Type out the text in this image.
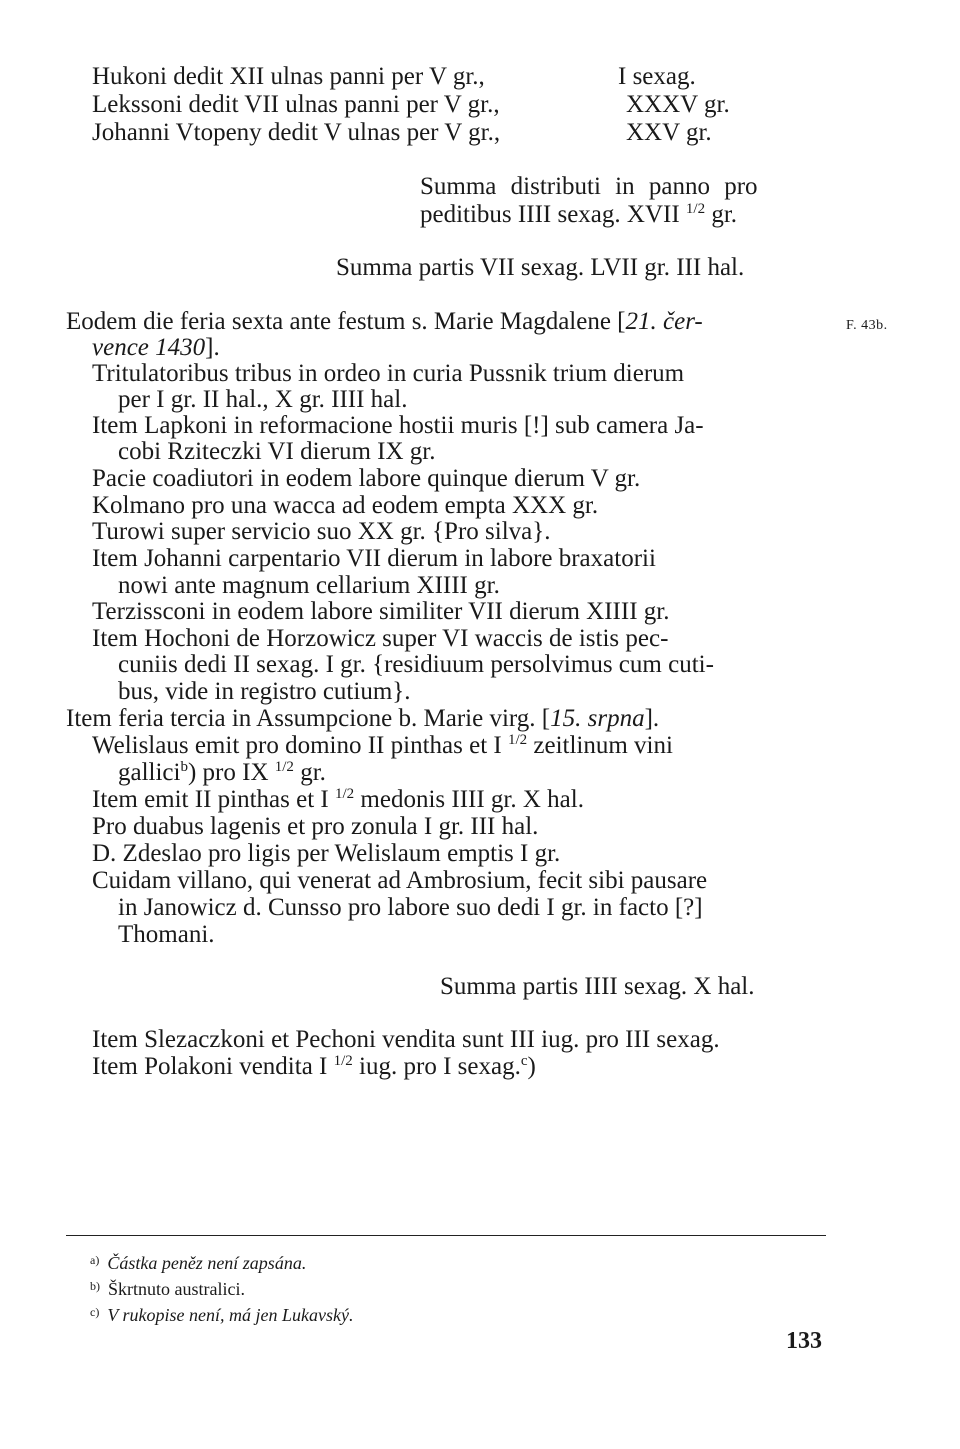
Hukoni dedit XII ulnas panni per V gr.,	I sexag.
Lekssoni dedit VII ulnas panni per V gr.,	XXXV gr.
Johanni Vtopeny dedit V ulnas per V gr.,	XXV gr.
Summa distributi in panno pro
peditibus IIII sexag. XVII $^{1/2}$ gr.
Summa partis VII sexag. LVII gr. III hal.
Eodem die feria sexta ante festum s. Marie Magdalene [21. čer-
vence 1430].
F. 43b.
Tritulatoribus tribus in ordeo in curia Pussnik trium dierum
per I gr. II hal., X gr. IIII hal.
Item Lapkoni in reformacione hostii muris [!] sub camera Ja-
cobi Rziteczki VI dierum IX gr.
Pacie coadiutori in eodem labore quinque dierum V gr.
Kolmano pro una wacca ad eodem empta XXX gr.
Turowi super servicio suo XX gr. {Pro silva}.
Item Johanni carpentario VII dierum in labore braxatorii
nowi ante magnum cellarium XIIII gr.
Terzissconi in eodem labore similiter VII dierum XIIII gr.
Item Hochoni de Horzowicz super VI waccis de istis pec-
cuniis dedi II sexag. I gr. {residiuum persolvimus cum cuti-
bus, vide in registro cutium}.
Item feria tercia in Assumpcione b. Marie virg. [15. srpna].
Welislaus emit pro domino II pinthas et I $^{1/2}$ zeitlinum vini
gallici$^b$) pro IX $^{1/2}$ gr.
Item emit II pinthas et I $^{1/2}$ medonis IIII gr. X hal.
Pro duabus lagenis et pro zonula I gr. III hal.
D. Zdeslao pro ligis per Welislaum emptis I gr.
Cuidam villano, qui venerat ad Ambrosium, fecit sibi pausare
in Janowicz d. Cunsso pro labore suo dedi I gr. in facto [?]
Thomani.
Summa partis IIII sexag. X hal.
Item Slezaczkoni et Pechoni vendita sunt III iug. pro III sexag.
Item Polakoni vendita I $^{1/2}$ iug. pro I sexag.$^c$)
$^{a)}$ Částka peněz není zapsána.
$^{b)}$ Škrtnuto australici.
$^{c)}$ V rukopise není, má jen Lukavský.
133
